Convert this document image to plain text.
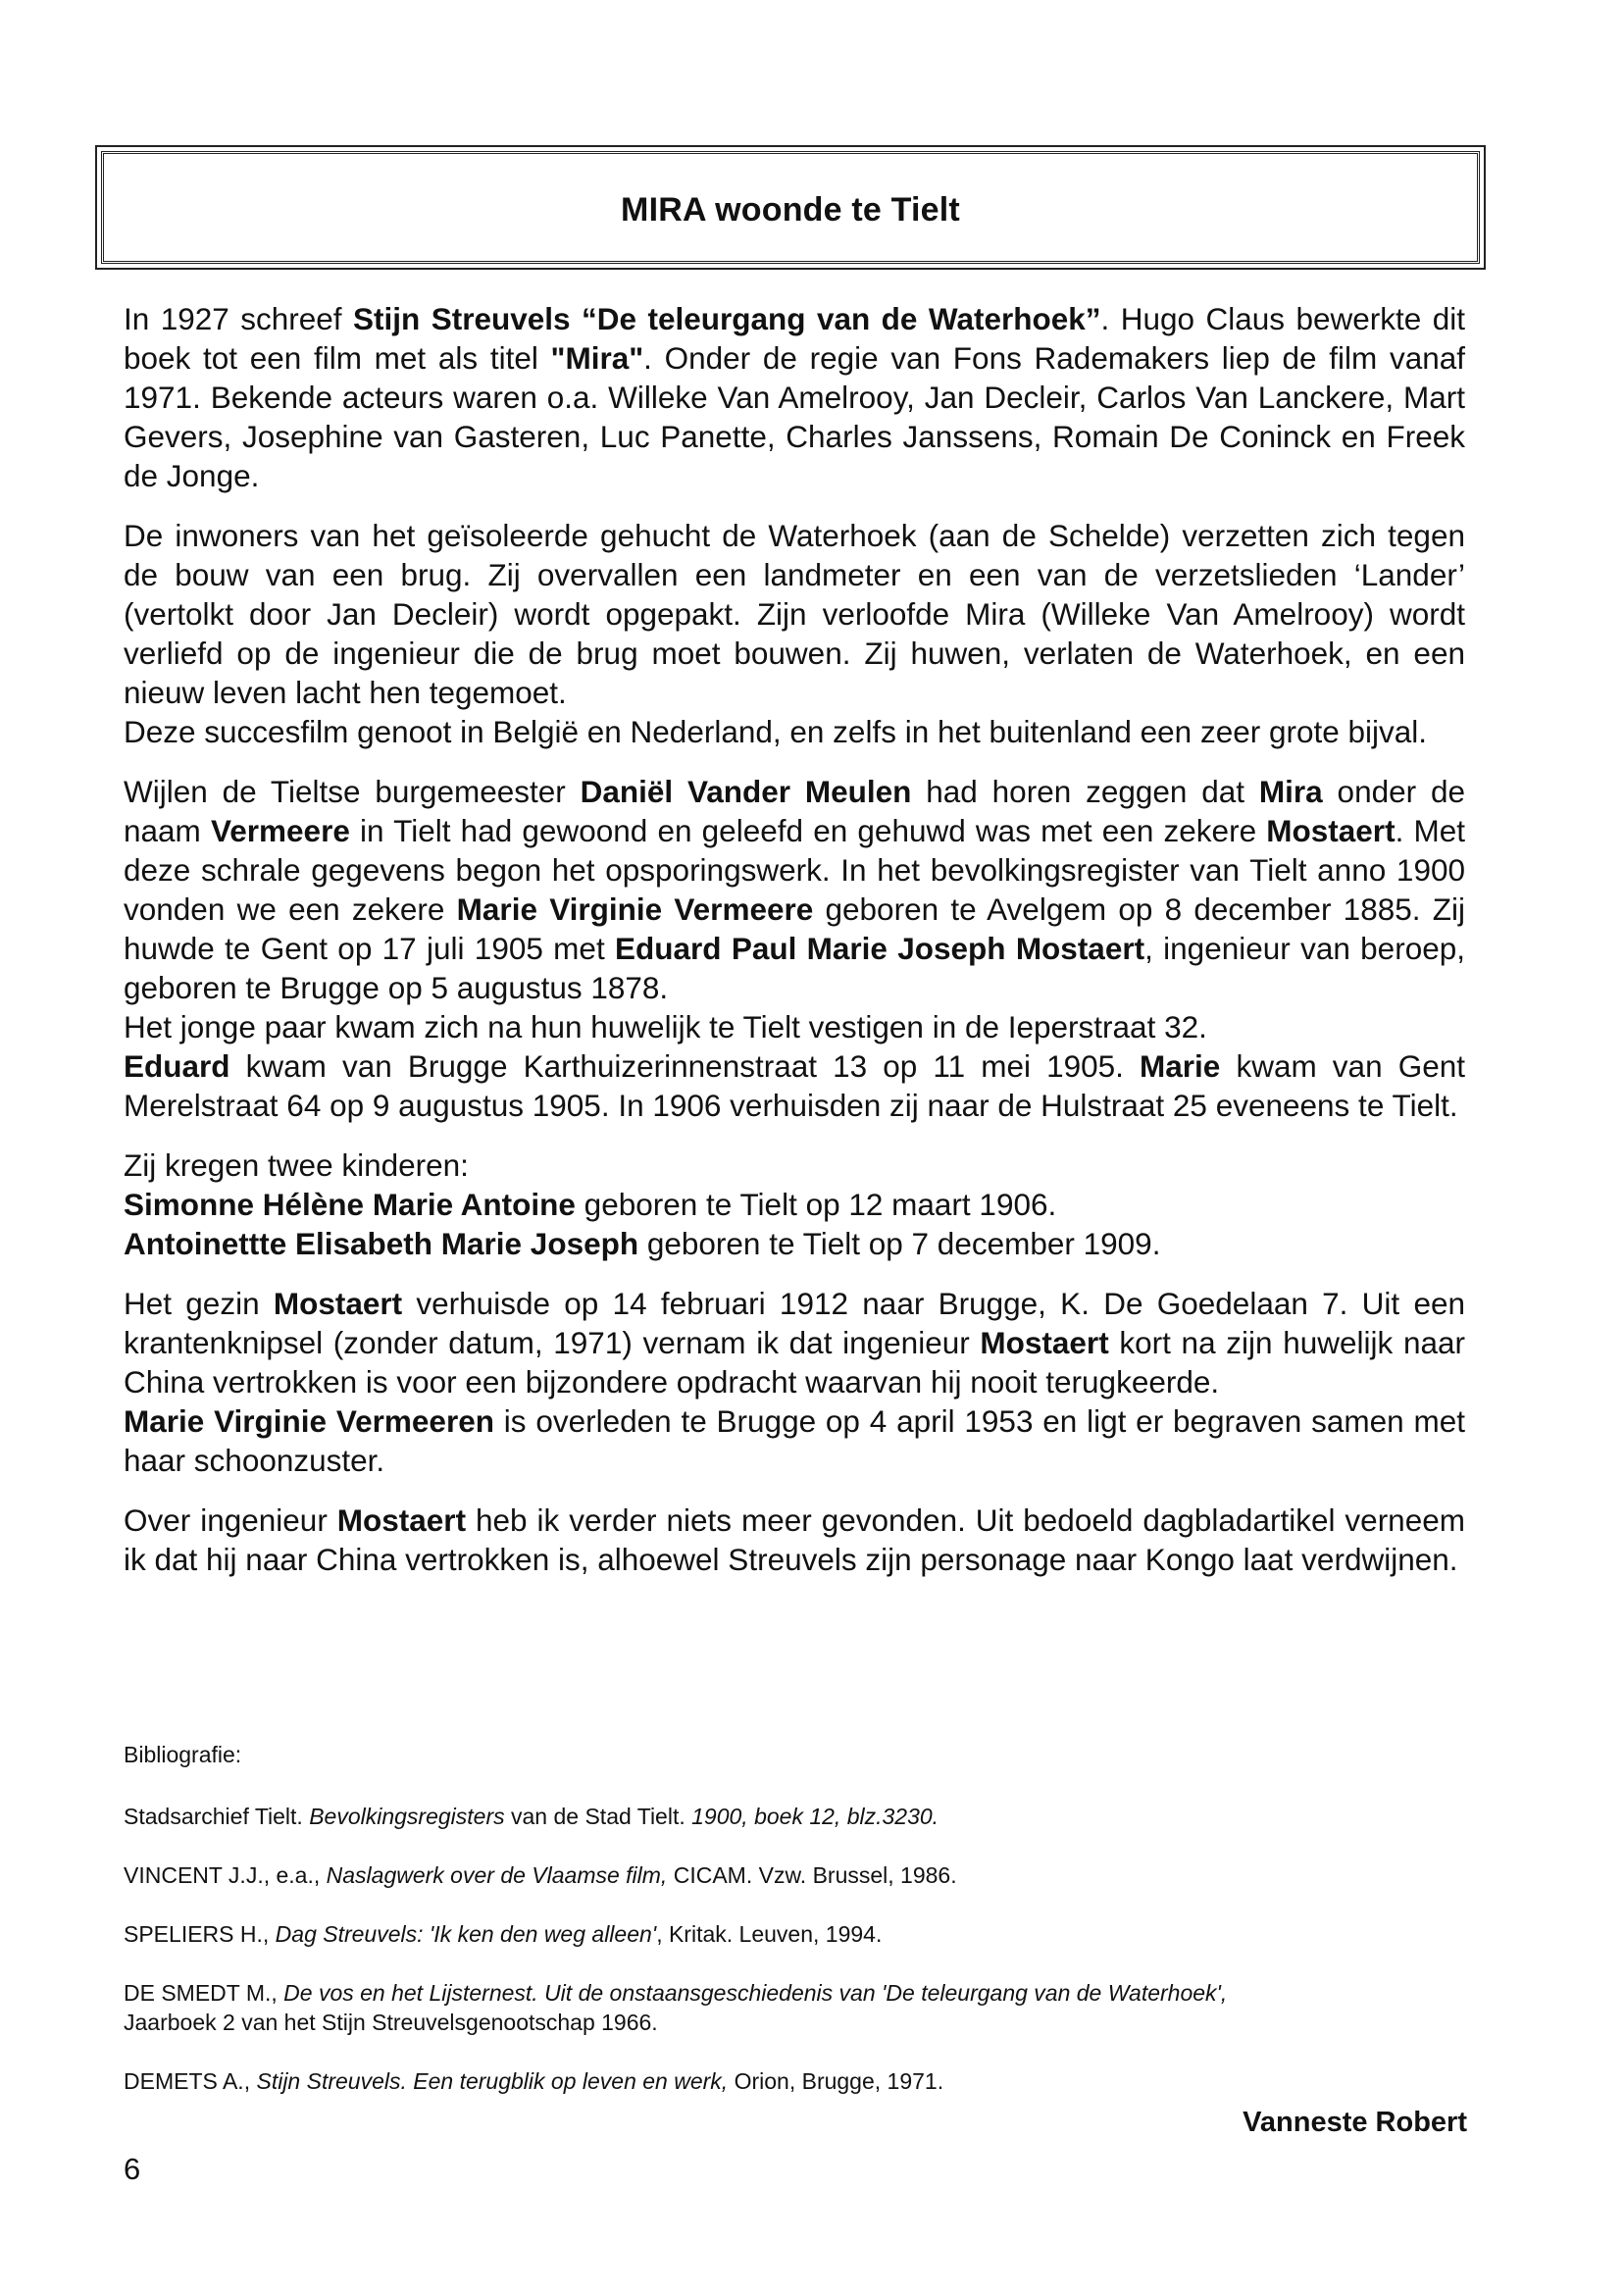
MIRA woonde te Tielt

In 1927 schreef Stijn Streuvels “De teleurgang van de Waterhoek”. Hugo Claus bewerkte dit boek tot een film met als titel "Mira". Onder de regie van Fons Rademakers liep de film vanaf 1971. Bekende acteurs waren o.a. Willeke Van Amelrooy, Jan Decleir, Carlos Van Lanckere, Mart Gevers, Josephine van Gasteren, Luc Panette, Charles Janssens, Romain De Coninck en Freek de Jonge.

De inwoners van het geïsoleerde gehucht de Waterhoek (aan de Schelde) verzetten zich tegen de bouw van een brug. Zij overvallen een landmeter en een van de verzetslieden ‘Lander’ (vertolkt door Jan Decleir) wordt opgepakt. Zijn verloofde Mira (Willeke Van Amelrooy) wordt verliefd op de ingenieur die de brug moet bouwen. Zij huwen, verlaten de Waterhoek, en een nieuw leven lacht hen tegemoet.

Deze succesfilm genoot in België en Nederland, en zelfs in het buitenland een zeer grote bijval.

Wijlen de Tieltse burgemeester Daniël Vander Meulen had horen zeggen dat Mira onder de naam Vermeere in Tielt had gewoond en geleefd en gehuwd was met een zekere Mostaert. Met deze schrale gegevens begon het opsporingswerk. In het bevolkingsregister van Tielt anno 1900 vonden we een zekere Marie Virginie Vermeere geboren te Avelgem op 8 december 1885. Zij huwde te Gent op 17 juli 1905 met Eduard Paul Marie Joseph Mostaert, ingenieur van beroep, geboren te Brugge op 5 augustus 1878.

Het jonge paar kwam zich na hun huwelijk te Tielt vestigen in de Ieperstraat 32.

Eduard kwam van Brugge Karthuizerinnenstraat 13 op 11 mei 1905. Marie kwam van Gent Merelstraat 64 op 9 augustus 1905. In 1906 verhuisden zij naar de Hulstraat 25 eveneens te Tielt.

Zij kregen twee kinderen:
Simonne Hélène Marie Antoine geboren te Tielt op 12 maart 1906.
Antoinettte Elisabeth Marie Joseph geboren te Tielt op 7 december 1909.

Het gezin Mostaert verhuisde op 14 februari 1912 naar Brugge, K. De Goedelaan 7. Uit een krantenknipsel (zonder datum, 1971) vernam ik dat ingenieur Mostaert kort na zijn huwelijk naar China vertrokken is voor een bijzondere opdracht waarvan hij nooit terugkeerde.

Marie Virginie Vermeeren is overleden te Brugge op 4 april 1953 en ligt er begraven samen met haar schoonzuster.

Over ingenieur Mostaert heb ik verder niets meer gevonden. Uit bedoeld dagbladartikel verneem ik dat hij naar China vertrokken is, alhoewel Streuvels zijn personage naar Kongo laat verdwijnen.

Bibliografie:

Stadsarchief Tielt. Bevolkingsregisters van de Stad Tielt. 1900, boek 12, blz.3230.

VINCENT J.J., e.a., Naslagwerk over de Vlaamse film, CICAM. Vzw. Brussel, 1986.

SPELIERS H., Dag Streuvels: 'Ik ken den weg alleen', Kritak. Leuven, 1994.

DE SMEDT M., De vos en het Lijsternest. Uit de onstaansgeschiedenis van 'De teleurgang van de Waterhoek',
Jaarboek 2 van het Stijn Streuvelsgenootschap 1966.

DEMETS A., Stijn Streuvels. Een terugblik op leven en werk, Orion, Brugge, 1971.

Vanneste Robert
6
